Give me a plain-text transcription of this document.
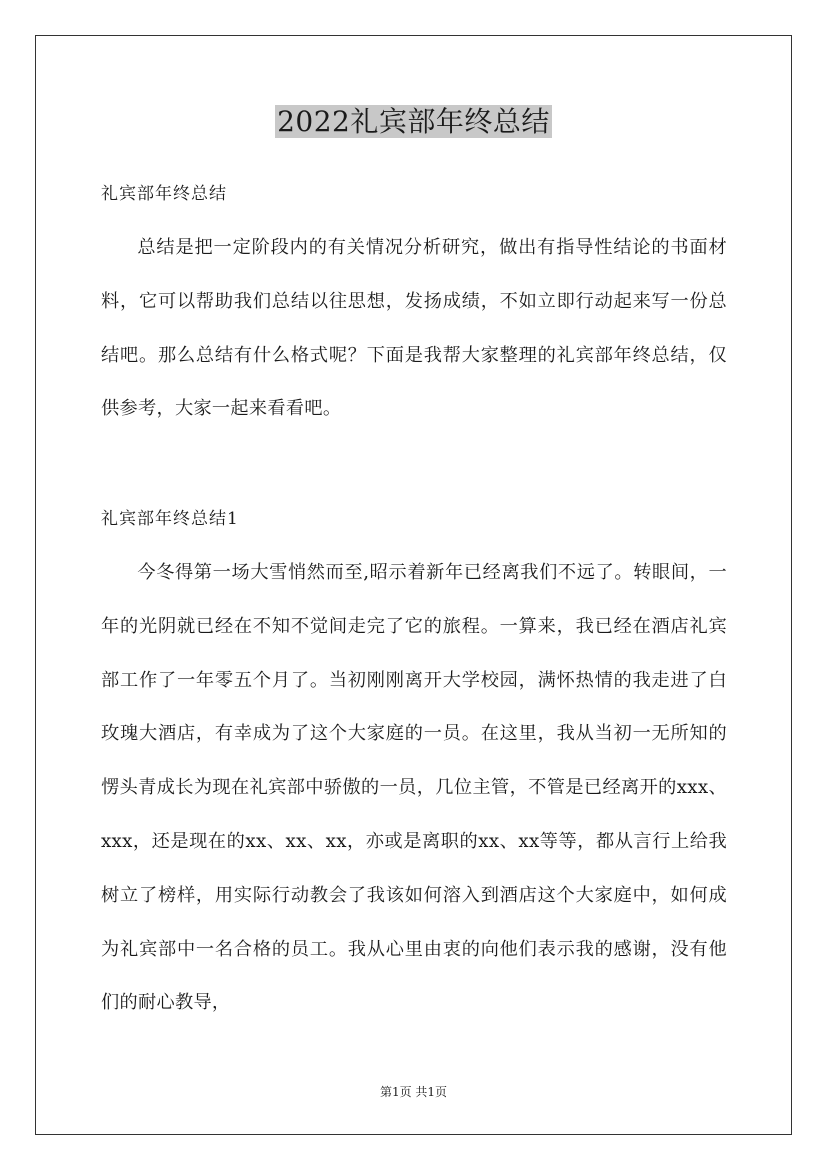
2022礼宾部年终总结
礼宾部年终总结

总结是把一定阶段内的有关情况分析研究，做出有指导性结论的书面材料，它可以帮助我们总结以往思想，发扬成绩，不如立即行动起来写一份总结吧。那么总结有什么格式呢？下面是我帮大家整理的礼宾部年终总结，仅供参考，大家一起来看看吧。

礼宾部年终总结1

今冬得第一场大雪悄然而至,昭示着新年已经离我们不远了。转眼间，一年的光阴就已经在不知不觉间走完了它的旅程。一算来，我已经在酒店礼宾部工作了一年零五个月了。当初刚刚离开大学校园，满怀热情的我走进了白玫瑰大酒店，有幸成为了这个大家庭的一员。在这里，我从当初一无所知的愣头青成长为现在礼宾部中骄傲的一员，几位主管，不管是已经离开的xxx、xxx，还是现在的xx、xx、xx，亦或是离职的xx、xx等等，都从言行上给我树立了榜样，用实际行动教会了我该如何溶入到酒店这个大家庭中，如何成为礼宾部中一名合格的员工。我从心里由衷的向他们表示我的感谢，没有他们的耐心教导，

第1页 共1页
